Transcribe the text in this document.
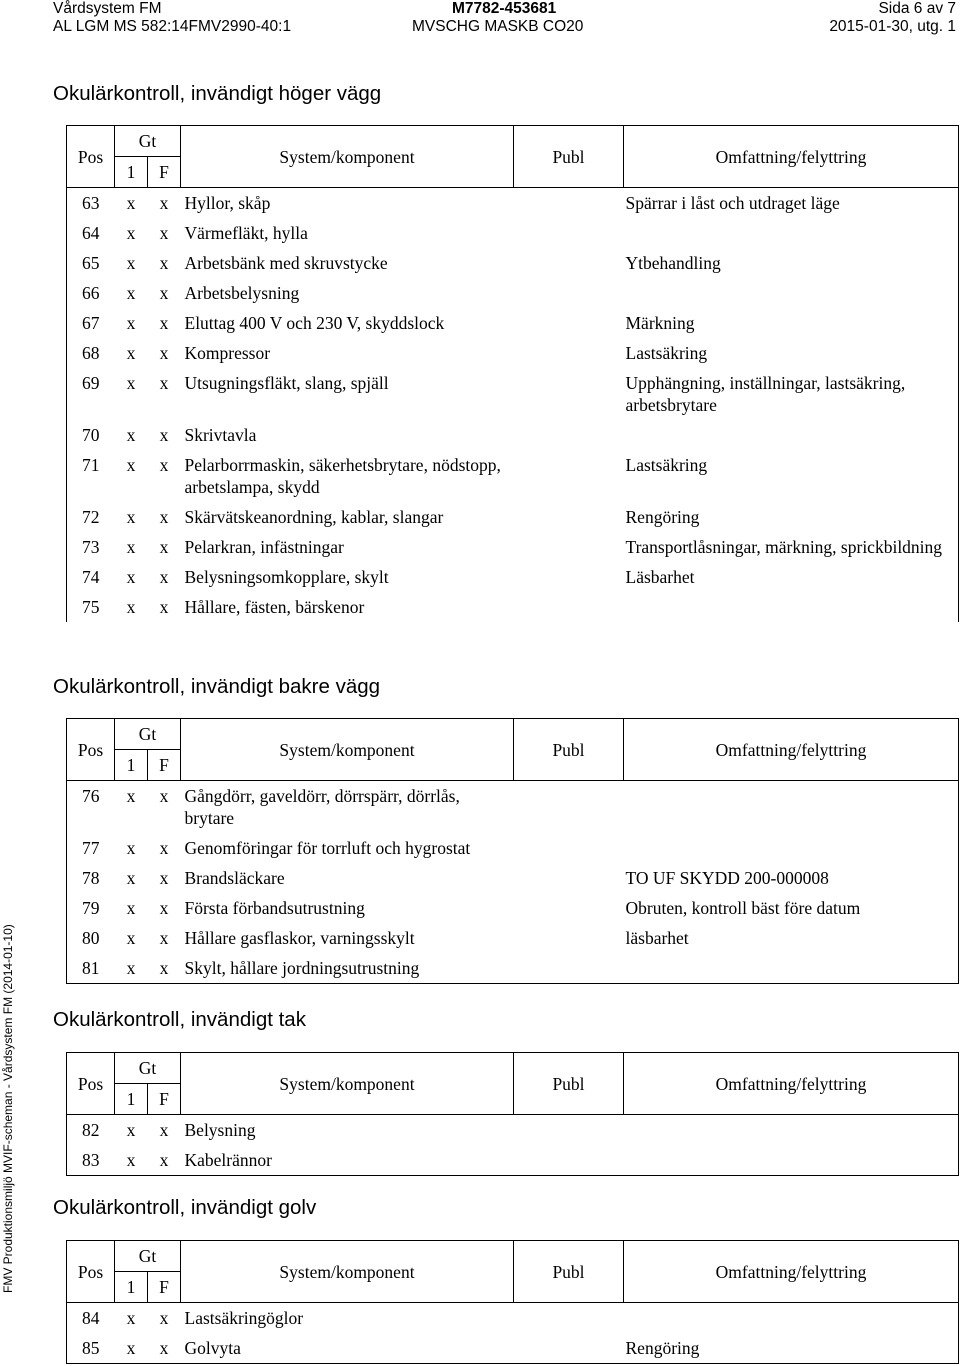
Vårdsystem FM
AL LGM MS 582:14FMV2990-40:1
M7782-453681
MVSCHG MASKB CO20
Sida 6 av 7
2015-01-30, utg. 1
FMV Produktionsmiljö MVIF-scheman - Vårdsystem FM (2014-01-10)
Okulärkontroll, invändigt höger vägg
Okulärkontroll, invändigt bakre vägg
Okulärkontroll, invändigt tak
Okulärkontroll, invändigt golv
Pos	Gt		System/komponent	Publ	Omfattning/felyttring
	1	F			
63	x	x	Hyllor, skåp		Spärrar i låst och utdraget läge
64	x	x	Värmefläkt, hylla		
65	x	x	Arbetsbänk med skruvstycke		Ytbehandling
66	x	x	Arbetsbelysning		
67	x	x	Eluttag 400 V och 230 V, skyddslock		Märkning
68	x	x	Kompressor		Lastsäkring
69	x	x	Utsugningsfläkt, slang, spjäll		Upphängning, inställningar, lastsäkring, arbetsbrytare
70	x	x	Skrivtavla		
71	x	x	Pelarborrmaskin, säkerhetsbrytare, nödstopp, arbetslampa, skydd		Lastsäkring
72	x	x	Skärvätskeanordning, kablar, slangar		Rengöring
73	x	x	Pelarkran, infästningar		Transportlåsningar, märkning, sprickbildning
74	x	x	Belysningsomkopplare, skylt		Läsbarhet
75	x	x	Hållare, fästen, bärskenor		
Pos	Gt		System/komponent	Publ	Omfattning/felyttring
	1	F			
76	x	x	Gångdörr, gaveldörr, dörrspärr, dörrlås, brytare		
77	x	x	Genomföringar för torrluft och hygrostat		
78	x	x	Brandsläckare		TO UF SKYDD 200-000008
79	x	x	Första förbandsutrustning		Obruten, kontroll bäst före datum
80	x	x	Hållare gasflaskor, varningsskylt		läsbarhet
81	x	x	Skylt, hållare jordningsutrustning		
Pos	Gt		System/komponent	Publ	Omfattning/felyttring
	1	F			
82	x	x	Belysning		
83	x	x	Kabelrännor		
Pos	Gt		System/komponent	Publ	Omfattning/felyttring
	1	F			
84	x	x	Lastsäkringöglor		
85	x	x	Golvyta		Rengöring
